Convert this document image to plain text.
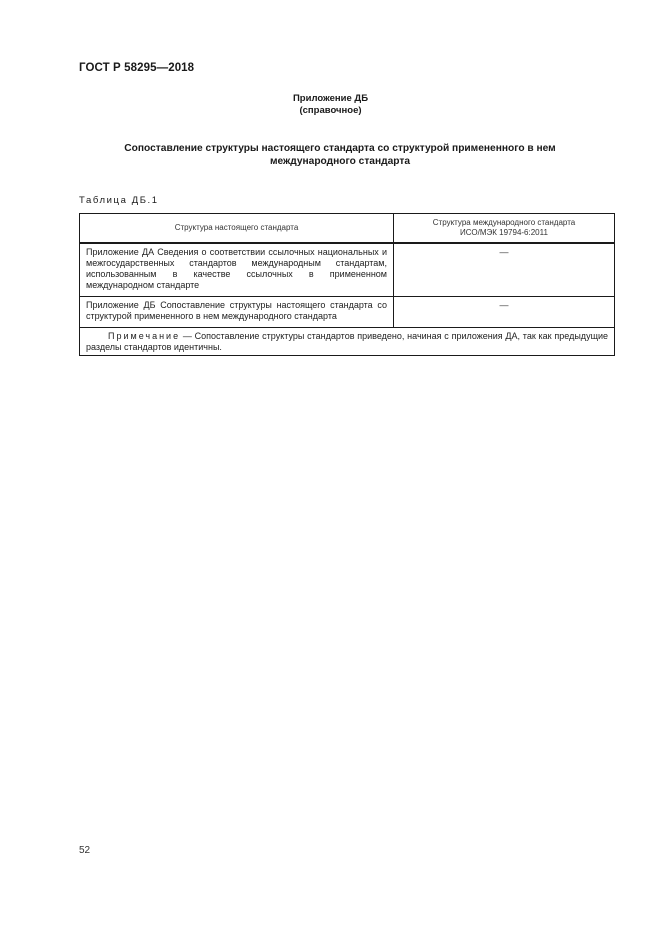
ГОСТ Р 58295—2018
Приложение ДБ
(справочное)
Сопоставление структуры настоящего стандарта со структурой примененного в нем
международного стандарта
Таблица ДБ.1
Структура настоящего стандарта	Структура международного стандарта
ИСО/МЭК 19794-6:2011

Приложение ДА Сведения о соответствии ссылочных национальных и межгосударственных стандартов международным стандартам, использованным в качестве ссылочных в примененном международном стандарте	—
Приложение ДБ Сопоставление структуры настоящего стандарта со структурой примененного в нем международного стандарта	—
Примечание — Сопоставление структуры стандартов приведено, начиная с приложения ДА, так как предыдущие разделы стандартов идентичны.	
52
